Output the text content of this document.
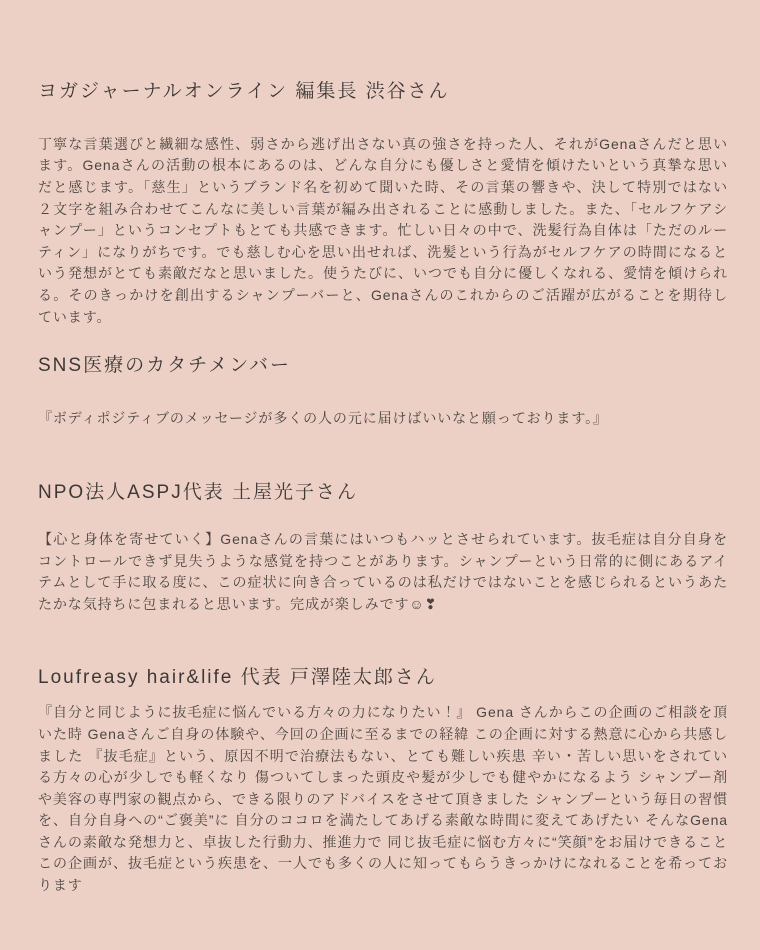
ヨガジャーナルオンライン 編集長 渋谷さん

丁寧な言葉選びと繊細な感性、弱さから逃げ出さない真の強さを持った人、それがGenaさんだと思います。Genaさんの活動の根本にあるのは、どんな自分にも優しさと愛情を傾けたいという真摯な思いだと感じます。「慈生」というブランド名を初めて聞いた時、その言葉の響きや、決して特別ではない２文字を組み合わせてこんなに美しい言葉が編み出されることに感動しました。また、「セルフケアシャンプー」というコンセプトもとても共感できます。忙しい日々の中で、洗髪行為自体は「ただのルーティン」になりがちです。でも慈しむ心を思い出せれば、洗髪という行為がセルフケアの時間になるという発想がとても素敵だなと思いました。使うたびに、いつでも自分に優しくなれる、愛情を傾けられる。そのきっかけを創出するシャンプーバーと、Genaさんのこれからのご活躍が広がることを期待しています。

SNS医療のカタチメンバー

『ボディポジティブのメッセージが多くの人の元に届けばいいなと願っております。』

NPO法人ASPJ代表 土屋光子さん

【心と身体を寄せていく】Genaさんの言葉にはいつもハッとさせられています。抜毛症は自分自身をコントロールできず見失うような感覚を持つことがあります。シャンプーという日常的に側にあるアイテムとして手に取る度に、この症状に向き合っているのは私だけではないことを感じられるというあたたかな気持ちに包まれると思います。完成が楽しみです☺❣

Loufreasy hair&life 代表 戸澤陸太郎さん

『自分と同じように抜毛症に悩んでいる方々の力になりたい！』 Gena さんからこの企画のご相談を頂いた時 Genaさんご自身の体験や、今回の企画に至るまでの経緯 この企画に対する熱意に心から共感しました 『抜毛症』という、原因不明で治療法もない、とても難しい疾患 辛い・苦しい思いをされている方々の心が少しでも軽くなり 傷ついてしまった頭皮や髪が少しでも健やかになるよう シャンプー剤や美容の専門家の観点から、できる限りのアドバイスをさせて頂きました シャンプーという毎日の習慣を、自分自身への“ご褒美”に 自分のココロを満たしてあげる素敵な時間に変えてあげたい そんなGena さんの素敵な発想力と、卓抜した行動力、推進力で 同じ抜毛症に悩む方々に“笑顔”をお届けできること この企画が、抜毛症という疾患を、一人でも多くの人に知ってもらうきっかけになれることを希っております
